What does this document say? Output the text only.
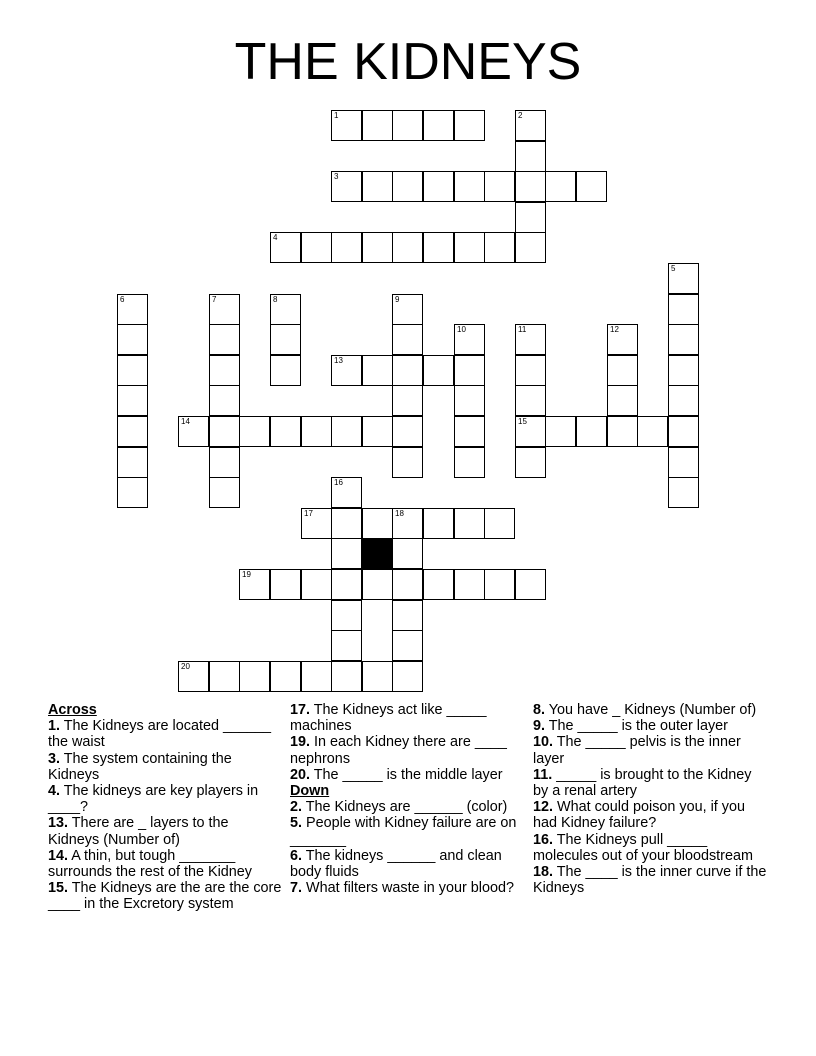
THE KIDNEYS
1	2
3
4
5
6	7	8	9
10	11
15
12
13
14
16
17	18
19
20
Across
1. The Kidneys are located ______ the waist
3. The system containing the Kidneys
4. The kidneys are key players in ____?
13. There are _ layers to the Kidneys (Number of)
14. A thin, but tough _______ surrounds the rest of the Kidney
15. The Kidneys are the are the core ____ in the Excretory system
17. The Kidneys act like _____ machines
19. In each Kidney there are ____ nephrons
20. The _____ is the middle layer
Down
2. The Kidneys are ______ (color)
5. People with Kidney failure are on _______
6. The kidneys ______ and clean body fluids
7. What filters waste in your blood?
8. You have _ Kidneys (Number of)
9. The _____ is the outer layer
10. The _____ pelvis is the inner layer
11. _____ is brought to the Kidney by a renal artery
12. What could poison you, if you had Kidney failure?
16. The Kidneys pull _____ molecules out of your bloodstream
18. The ____ is the inner curve if the Kidneys
